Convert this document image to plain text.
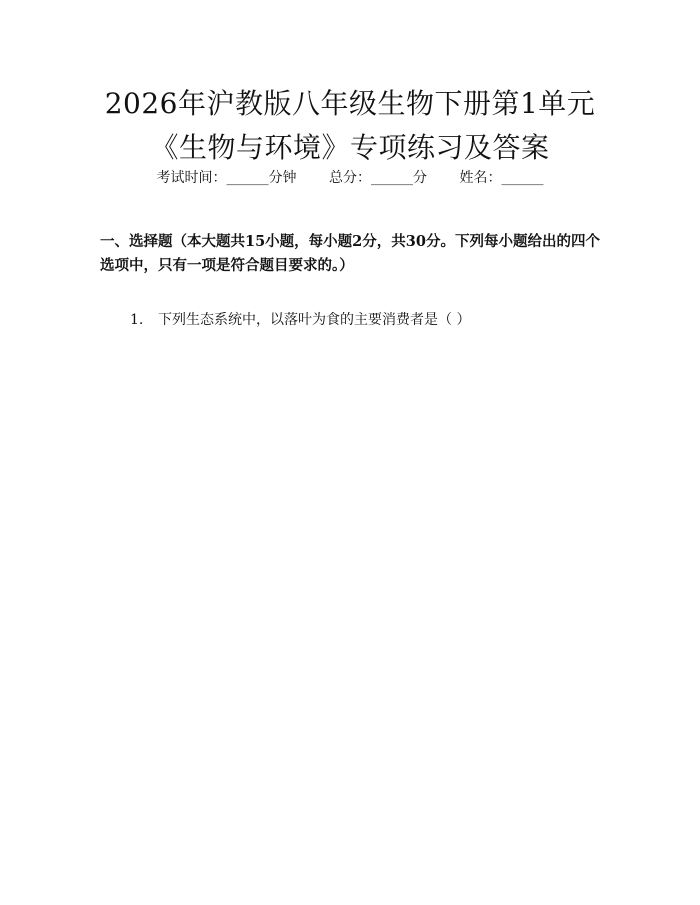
2026年沪教版八年级生物下册第1单元《生物与环境》专项练习及答案
考试时间：______分钟 总分：______分 姓名：______
一、选择题（本大题共15小题，每小题2分，共30分。下列每小题给出的四个选项中，只有一项是符合题目要求的。）
1. 下列生态系统中，以落叶为食的主要消费者是（ ）
